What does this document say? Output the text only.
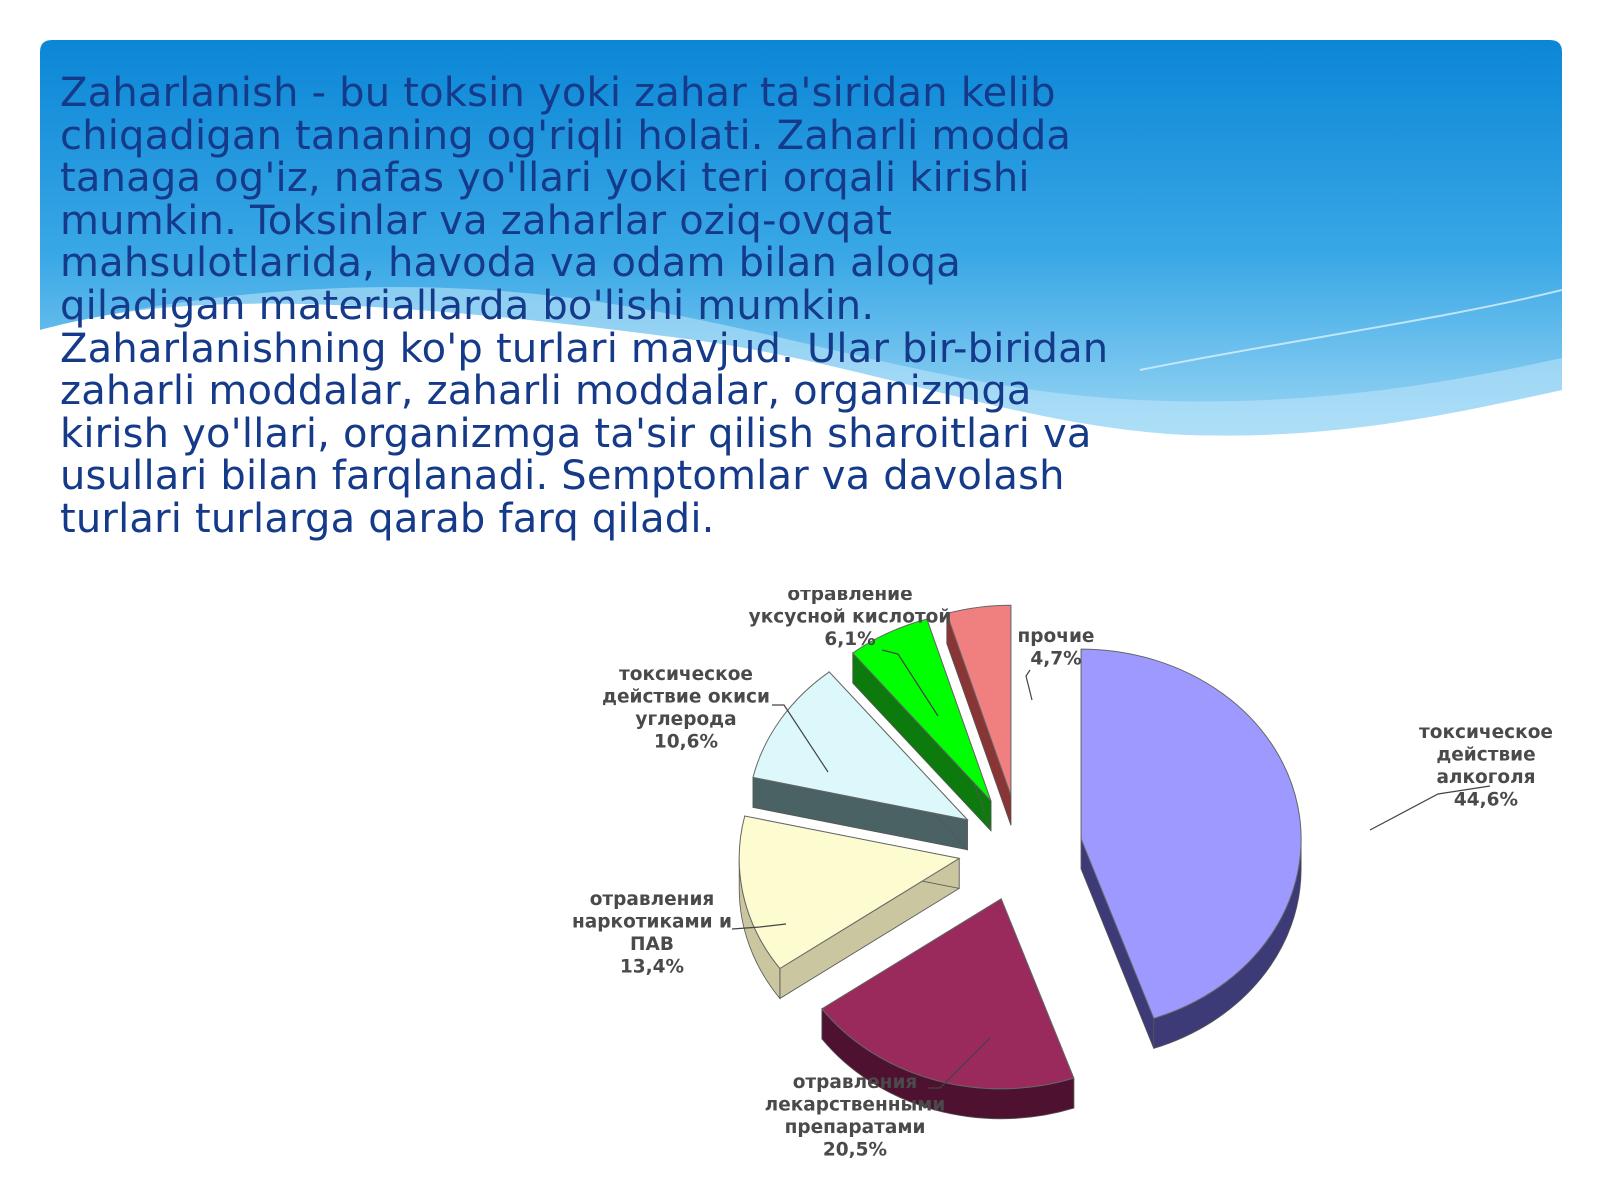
Zaharlanish - bu toksin yoki zahar ta'siridan kelib chiqadigan tananing og'riqli holati. Zaharli modda tanaga og'iz, nafas yo'llari yoki teri orqali kirishi mumkin. Toksinlar va zaharlar oziq-ovqat mahsulotlarida, havoda va odam bilan aloqa qiladigan materiallarda bo'lishi mumkin. Zaharlanishning ko'p turlari mavjud. Ular bir-biridan zaharli moddalar, zaharli moddalar, organizmga kirish yo'llari, organizmga ta'sir qilish sharoitlari va usullari bilan farqlanadi. Semptomlar va davolash turlari turlarga qarab farq qiladi.

токсическое действие алкоголя 44,6%
отравления лекарственными препаратами 20,5%
отравления наркотиками и ПАВ 13,4%
токсическое действие окиси углерода 10,6%
отравление уксусной кислотой 6,1%	прочие 4,7%
